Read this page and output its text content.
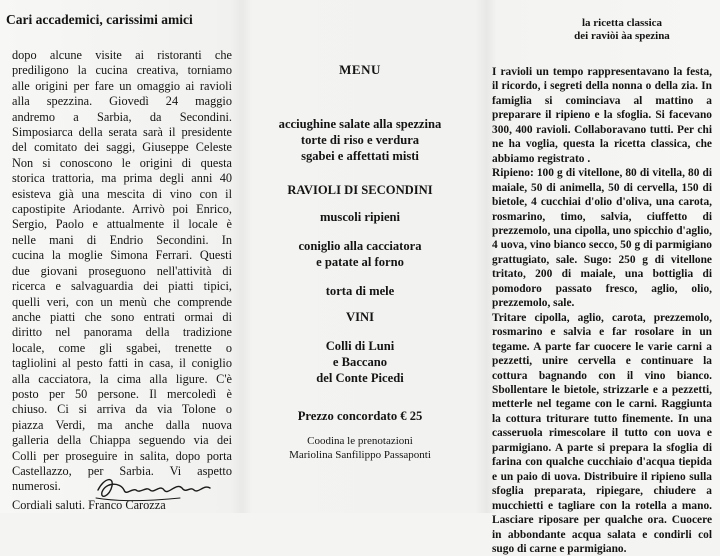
Cari accademici, carissimi amici
dopo alcune visite ai ristoranti che
prediligono la cucina creativa, torniamo
alle origini per fare un omaggio ai ravioli
alla spezzina. Giovedì 24 maggio
andremo a Sarbia, da Secondini.
Simposiarca della serata sarà il presidente
del comitato dei saggi, Giuseppe Celeste
Non si conoscono le origini di questa
storica trattoria, ma prima degli anni 40
esisteva già una mescita di vino con il
capostipite Ariodante. Arrivò poi Enrico,
Sergio, Paolo e attualmente il locale è
nelle mani di Endrio Secondini. In
cucina la moglie Simona Ferrari. Questi
due giovani proseguono nell'attività di
ricerca e salvaguardia dei piatti tipici,
quelli veri, con un menù che comprende
anche piatti che sono entrati ormai di
diritto nel panorama della tradizione
locale, come gli sgabei, trenette o
tagliolini al pesto fatti in casa, il coniglio
alla cacciatora, la cima alla ligure. C'è
posto per 50 persone. Il mercoledì è
chiuso. Ci si arriva da via Tolone o
piazza Verdi, ma anche dalla nuova
galleria della Chiappa seguendo via dei
Colli per proseguire in salita, dopo porta
Castellazzo, per Sarbia. Vi aspetto
numerosi.
Cordiali saluti. Franco Carozza
MENU
acciughine salate alla spezzina
torte di riso e verdura
sgabei e affettati misti
RAVIOLI DI SECONDINI
muscoli ripieni
coniglio alla cacciatora
e patate al forno
torta di mele
VINI
Colli di Luni
e Baccano
del Conte Picedi
Prezzo concordato € 25
Coodina le prenotazioni
Mariolina Sanfilippo Passaponti
la ricetta classica
dei raviòi àa spezina

I ravioli un tempo rappresentavano la festa, il ricordo, i segreti della nonna o della zia. In famiglia si cominciava al mattino a preparare il ripieno e la sfoglia. Si facevano 300, 400 ravioli. Collaboravano tutti. Per chi ne ha voglia, questa la ricetta classica, che abbiamo registrato .

Ripieno: 100 g di vitellone, 80 di vitella, 80 di maiale, 50 di animella, 50 di cervella, 150 di bietole, 4 cucchiai d'olio d'oliva, una carota, rosmarino, timo, salvia, ciuffetto di prezzemolo, una cipolla, uno spicchio d'aglio, 4 uova, vino bianco secco, 50 g di parmigiano grattugiato, sale. Sugo: 250 g di vitellone tritato, 200 di maiale, una bottiglia di pomodoro passato fresco, aglio, olio, prezzemolo, sale.

Tritare cipolla, aglio, carota, prezzemolo, rosmarino e salvia e far rosolare in un tegame. A parte far cuocere le varie carni a pezzetti, unire cervella e continuare la cottura bagnando con il vino bianco. Sbollentare le bietole, strizzarle e a pezzetti, metterle nel tegame con le carni. Raggiunta la cottura triturare tutto finemente. In una casseruola rimescolare il tutto con uova e parmigiano. A parte si prepara la sfoglia di farina con qualche cucchiaio d'acqua tiepida e un paio di uova. Distribuire il ripieno sulla sfoglia preparata, ripiegare, chiudere a mucchietti e tagliare con la rotella a mano. Lasciare riposare per qualche ora. Cuocere in abbondante acqua salata e condirli col sugo di carne e parmigiano.
